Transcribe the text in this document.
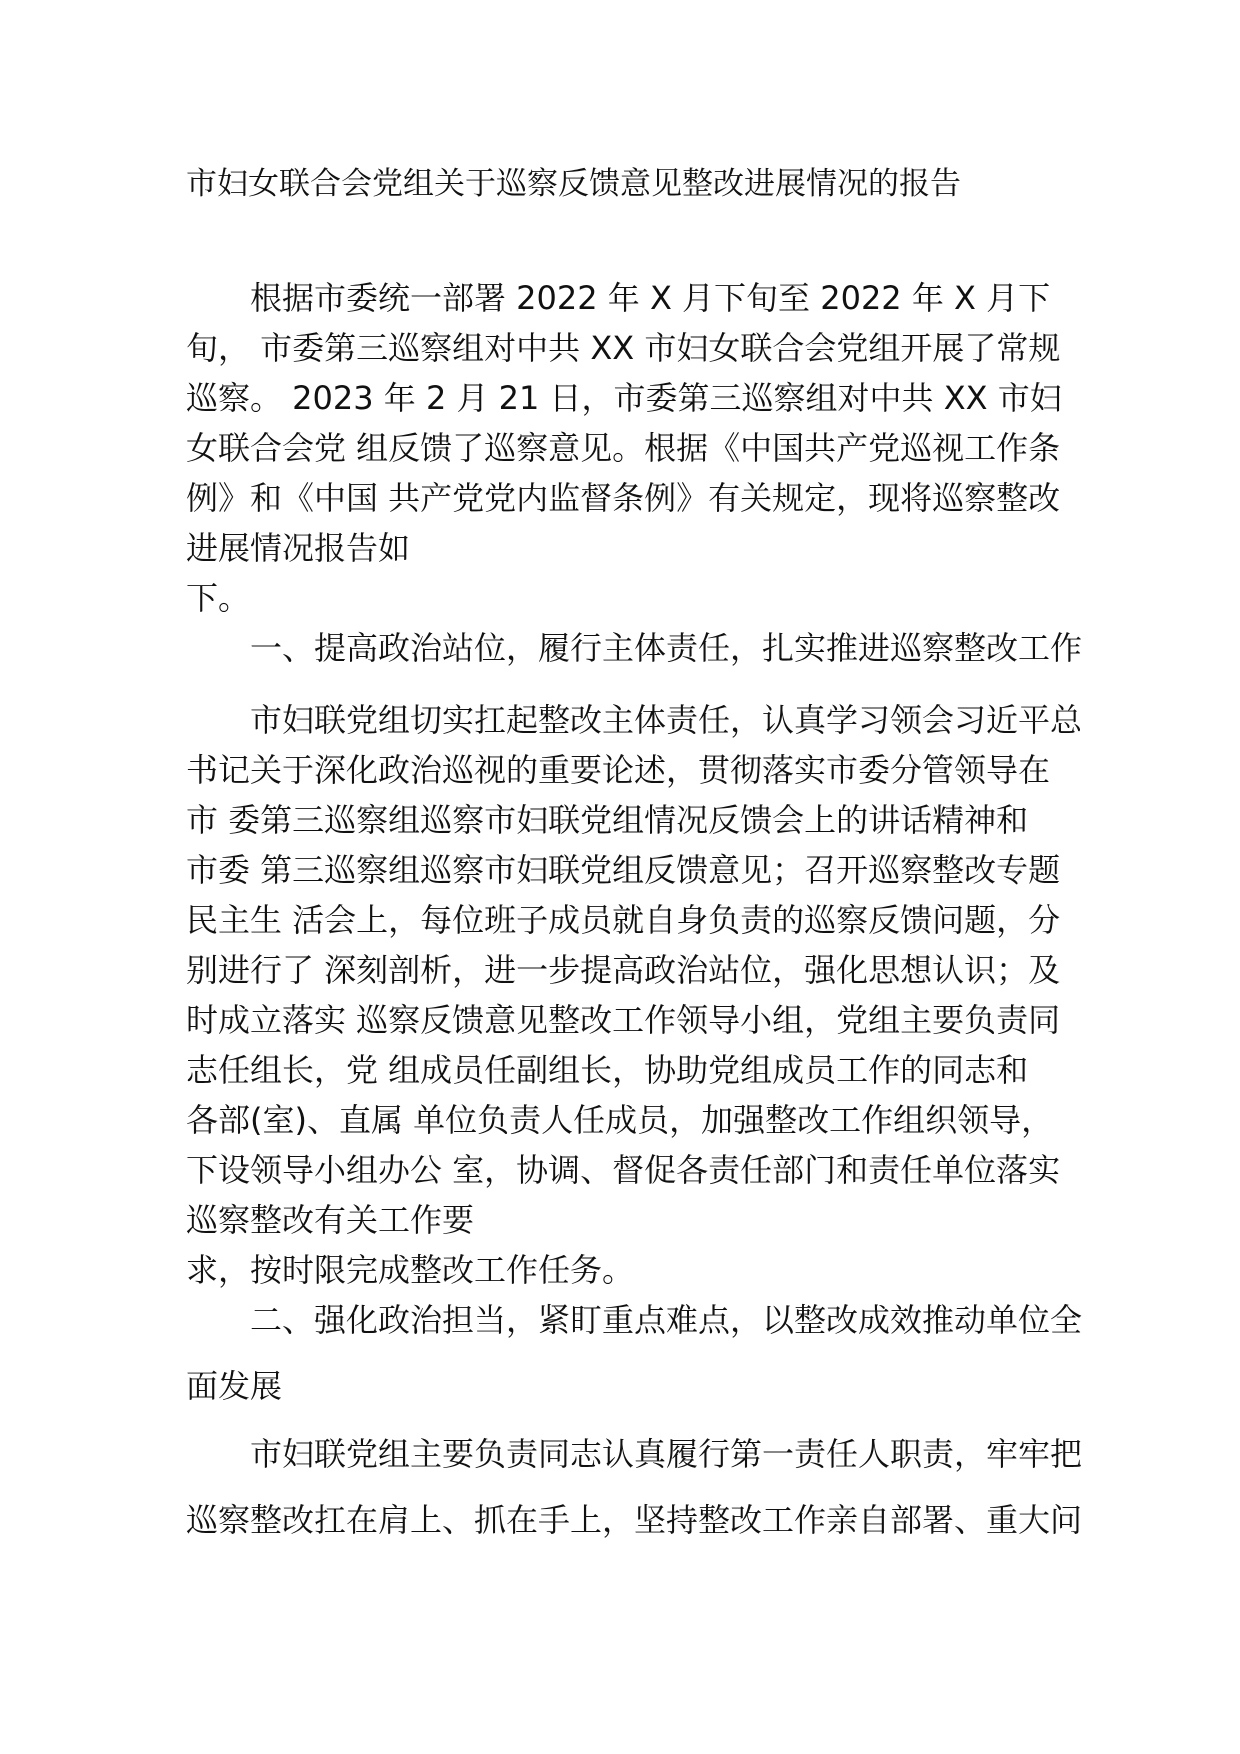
市妇女联合会党组关于巡察反馈意见整改进展情况的报告

根据市委统一部署 2022 年 X 月下旬至 2022 年 X 月下

旬， 市委第三巡察组对中共 XX 市妇女联合会党组开展了常规

巡察。 2023 年 2 月 21 日，市委第三巡察组对中共 XX 市妇

女联合会党 组反馈了巡察意见。根据《中国共产党巡视工作条

例》和《中国 共产党党内监督条例》有关规定，现将巡察整改

进展情况报告如

下。

一、提高政治站位，履行主体责任，扎实推进巡察整改工作

市妇联党组切实扛起整改主体责任，认真学习领会习近平总

书记关于深化政治巡视的重要论述，贯彻落实市委分管领导在

市 委第三巡察组巡察市妇联党组情况反馈会上的讲话精神和

市委 第三巡察组巡察市妇联党组反馈意见；召开巡察整改专题

民主生 活会上，每位班子成员就自身负责的巡察反馈问题，分

别进行了 深刻剖析，进一步提高政治站位，强化思想认识；及

时成立落实 巡察反馈意见整改工作领导小组，党组主要负责同

志任组长，党 组成员任副组长，协助党组成员工作的同志和

各部(室)、直属 单位负责人任成员，加强整改工作组织领导，

下设领导小组办公 室，协调、督促各责任部门和责任单位落实

巡察整改有关工作要

求，按时限完成整改工作任务。

二、强化政治担当，紧盯重点难点，以整改成效推动单位全

面发展

市妇联党组主要负责同志认真履行第一责任人职责，牢牢把

巡察整改扛在肩上、抓在手上，坚持整改工作亲自部署、重大问
